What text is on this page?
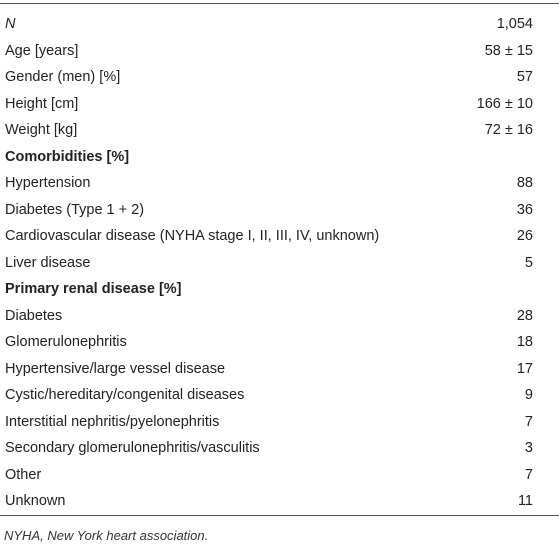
N	1,054
Age [years]	58 ± 15
Gender (men) [%]	57
Height [cm]	166 ± 10
Weight [kg]	72 ± 16
Comorbidities [%]
Hypertension	88
Diabetes (Type 1 + 2)	36
Cardiovascular disease (NYHA stage I, II, III, IV, unknown)	26
Liver disease	5
Primary renal disease [%]
Diabetes	28
Glomerulonephritis	18
Hypertensive/large vessel disease	17
Cystic/hereditary/congenital diseases	9
Interstitial nephritis/pyelonephritis	7
Secondary glomerulonephritis/vasculitis	3
Other	7
Unknown	11
NYHA, New York heart association.
